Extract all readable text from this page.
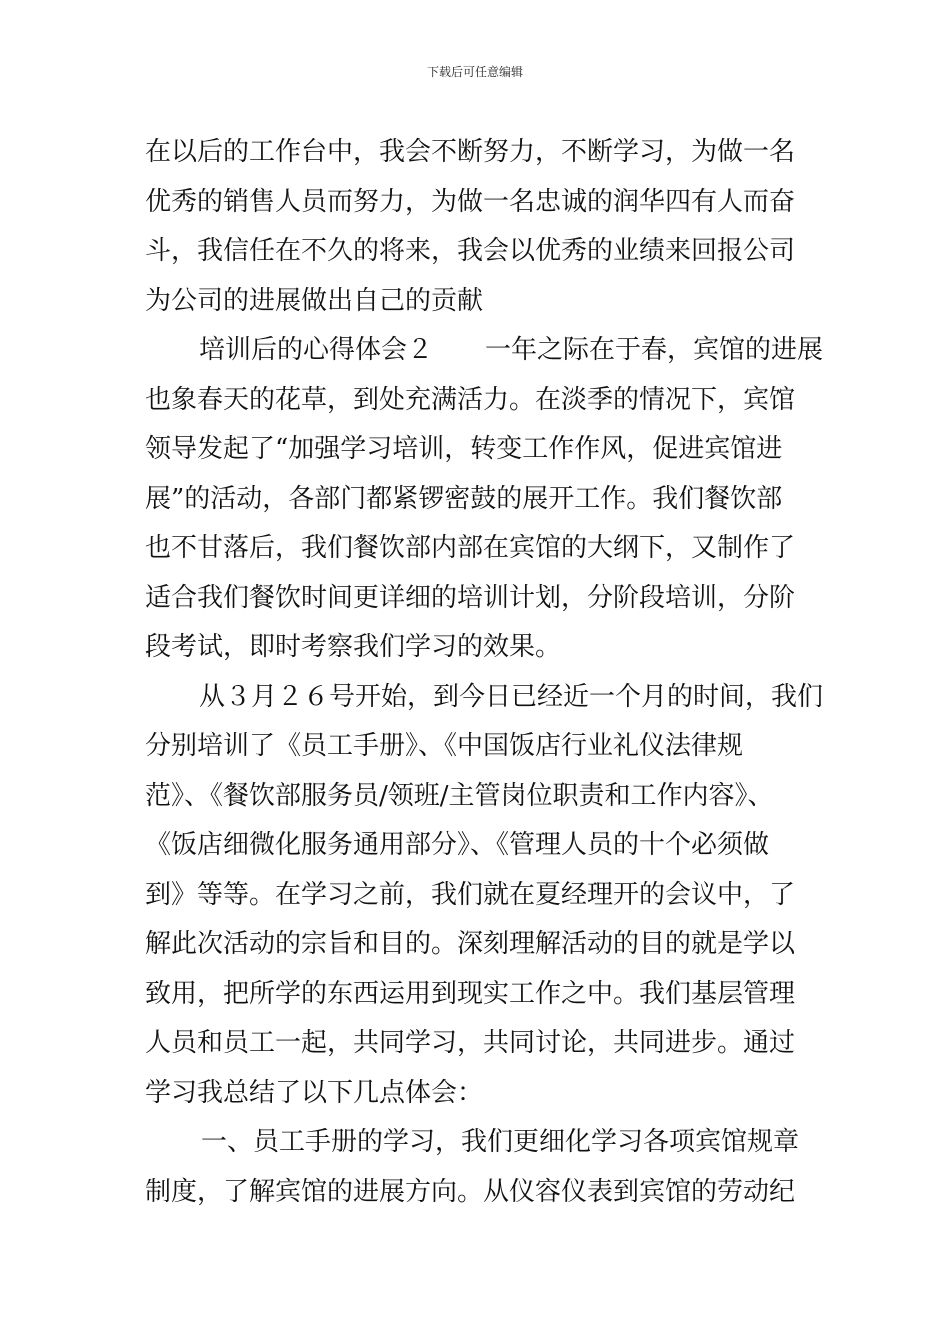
下载后可任意编辑
在以后的工作台中，我会不断努力，不断学习，为做一名
优秀的销售人员而努力，为做一名忠诚的润华四有人而奋
斗，我信任在不久的将来，我会以优秀的业绩来回报公司
为公司的进展做出自己的贡献
培训后的心得体会２　　一年之际在于春，宾馆的进展
也象春天的花草，到处充满活力。在淡季的情况下，宾馆
领导发起了“加强学习培训，转变工作作风，促进宾馆进
展”的活动，各部门都紧锣密鼓的展开工作。我们餐饮部
也不甘落后，我们餐饮部内部在宾馆的大纲下，又制作了
适合我们餐饮时间更详细的培训计划，分阶段培训，分阶
段考试，即时考察我们学习的效果。
从３月２６号开始，到今日已经近一个月的时间，我们
分别培训了《员工手册》、《中国饭店行业礼仪法律规
范》、《餐饮部服务员/领班/主管岗位职责和工作内容》、
《饭店细微化服务通用部分》、《管理人员的十个必须做
到》等等。在学习之前，我们就在夏经理开的会议中，了
解此次活动的宗旨和目的。深刻理解活动的目的就是学以
致用，把所学的东西运用到现实工作之中。我们基层管理
人员和员工一起，共同学习，共同讨论，共同进步。通过
学习我总结了以下几点体会：
一、员工手册的学习，我们更细化学习各项宾馆规章
制度，了解宾馆的进展方向。从仪容仪表到宾馆的劳动纪
